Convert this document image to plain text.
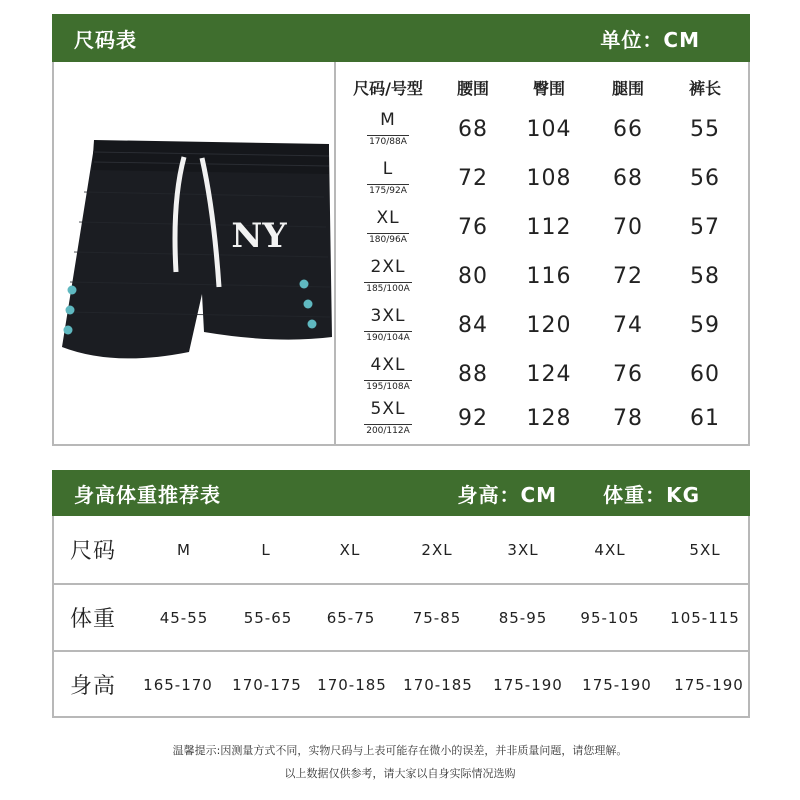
尺码表	单位：CM
NY
尺码/号型	腰围	臀围	腿围	裤长
M
170/88A	68	104	66	55
L
175/92A	72	108	68	56
XL
180/96A	76	112	70	57
2XL
185/100A	80	116	72	58
3XL
190/104A	84	120	74	59
4XL
195/108A	88	124	76	60
5XL
200/112A	92	128	78	61
身高体重推荐表	身高：CM 体重：KG
尺码	M	L	XL	2XL	3XL	4XL	5XL
体重	45-55 55-65 65-75 75-85 85-95 95-105 105-115
身高 165-170 170-175 170-185 170-185 175-190 175-190 175-190
温馨提示:因测量方式不同，实物尺码与上表可能存在微小的误差，并非质量问题，请您理解。
以上数据仅供参考，请大家以自身实际情况选购
